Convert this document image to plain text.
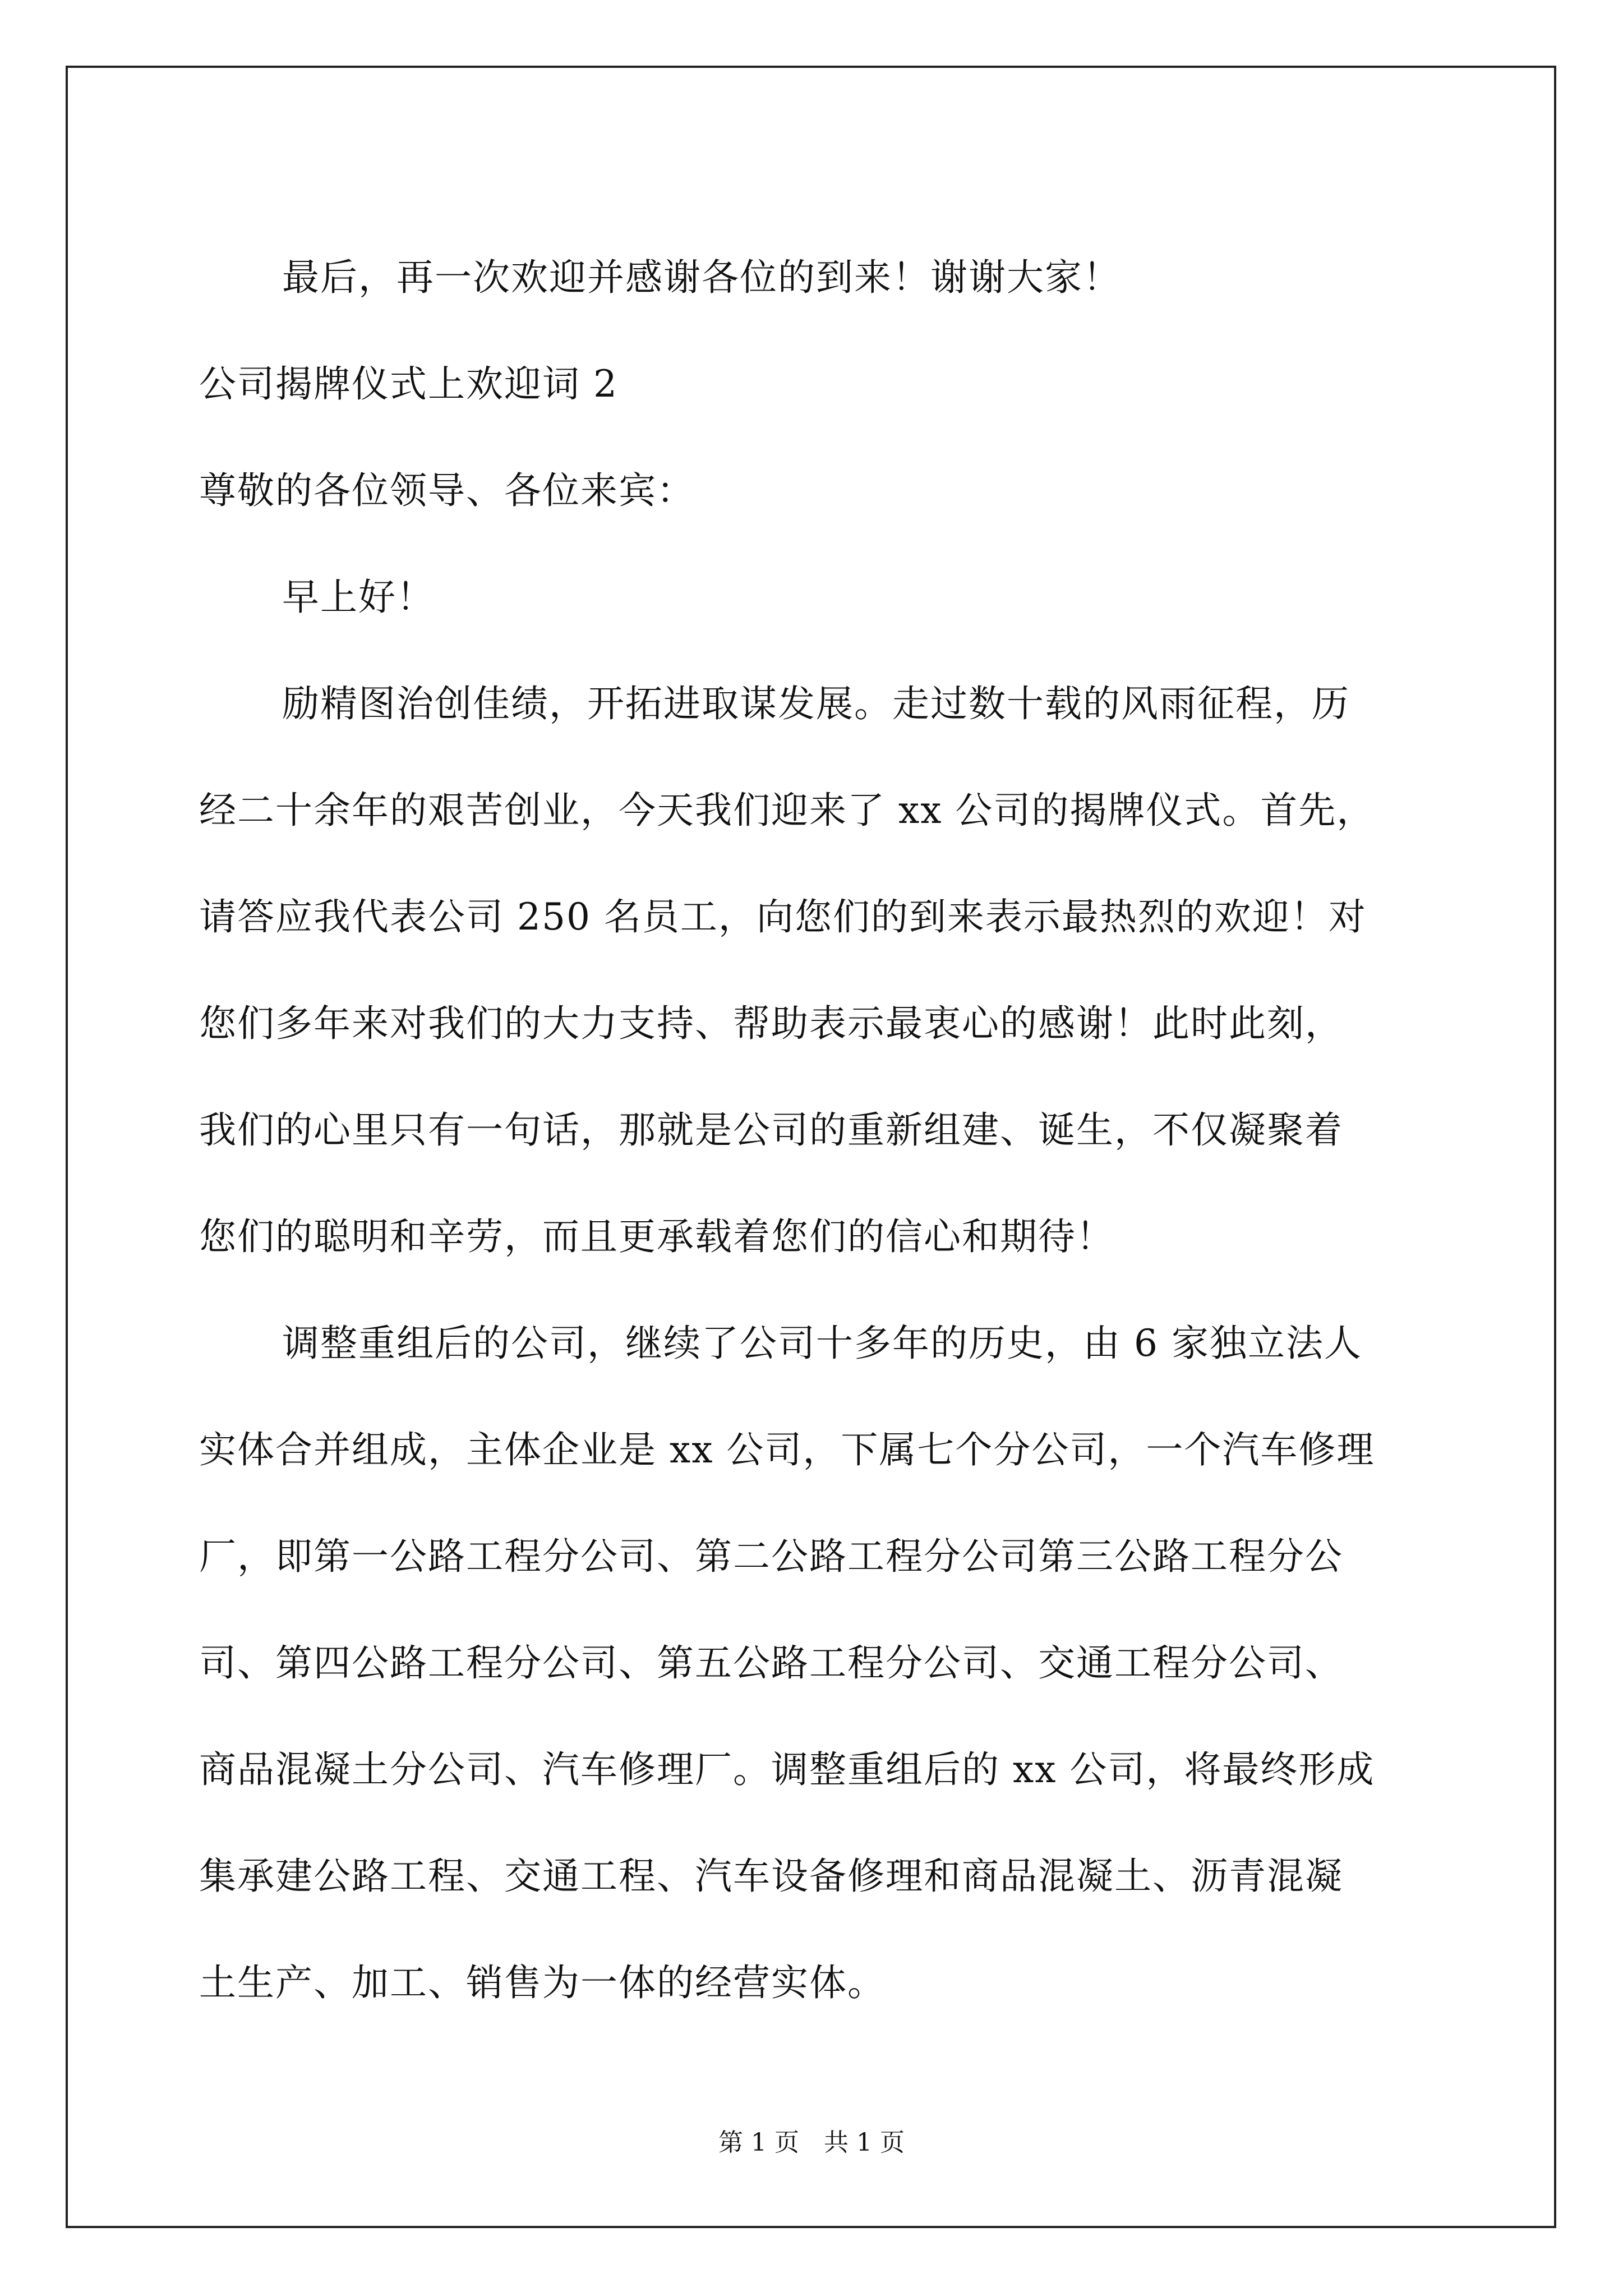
最后，再一次欢迎并感谢各位的到来！谢谢大家！
公司揭牌仪式上欢迎词 2
尊敬的各位领导、各位来宾：
早上好！
励精图治创佳绩，开拓进取谋发展。走过数十载的风雨征程，历
经二十余年的艰苦创业，今天我们迎来了 xx 公司的揭牌仪式。首先，
请答应我代表公司 250 名员工，向您们的到来表示最热烈的欢迎！对
您们多年来对我们的大力支持、帮助表示最衷心的感谢！此时此刻，
我们的心里只有一句话，那就是公司的重新组建、诞生，不仅凝聚着
您们的聪明和辛劳，而且更承载着您们的信心和期待！
调整重组后的公司，继续了公司十多年的历史，由 6 家独立法人
实体合并组成，主体企业是 xx 公司，下属七个分公司，一个汽车修理
厂，即第一公路工程分公司、第二公路工程分公司第三公路工程分公
司、第四公路工程分公司、第五公路工程分公司、交通工程分公司、
商品混凝土分公司、汽车修理厂。调整重组后的 xx 公司，将最终形成
集承建公路工程、交通工程、汽车设备修理和商品混凝土、沥青混凝
土生产、加工、销售为一体的经营实体。
第 1 页　共 1 页
